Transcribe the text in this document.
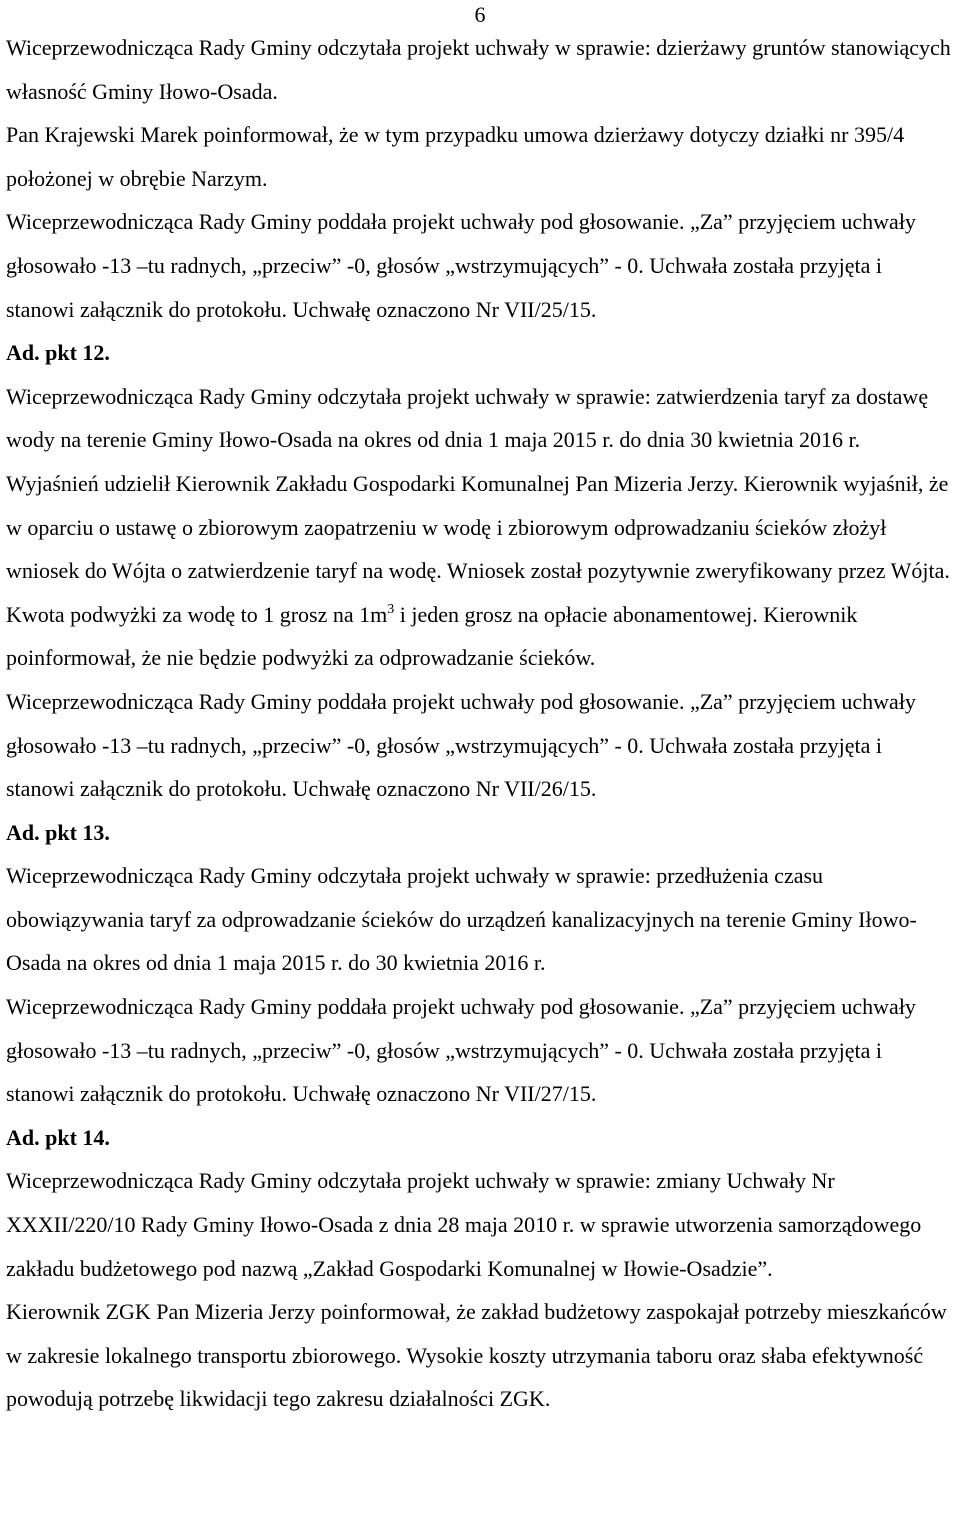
6

Wiceprzewodnicząca Rady Gminy odczytała projekt uchwały w sprawie: dzierżawy gruntów stanowiących własność Gminy Iłowo-Osada.

Pan Krajewski Marek poinformował, że w tym przypadku umowa dzierżawy dotyczy działki nr 395/4 położonej w obrębie Narzym.

Wiceprzewodnicząca Rady Gminy poddała projekt uchwały pod głosowanie. „Za” przyjęciem uchwały głosowało -13 –tu radnych, „przeciw” -0, głosów „wstrzymujących” - 0. Uchwała została przyjęta i stanowi załącznik do protokołu. Uchwałę oznaczono Nr VII/25/15.

Ad. pkt 12.

Wiceprzewodnicząca Rady Gminy odczytała projekt uchwały w sprawie: zatwierdzenia taryf za dostawę wody na terenie Gminy Iłowo-Osada na okres od dnia 1 maja 2015 r. do dnia 30 kwietnia 2016 r.

Wyjaśnień udzielił Kierownik Zakładu Gospodarki Komunalnej Pan Mizeria Jerzy. Kierownik wyjaśnił, że w oparciu o ustawę o zbiorowym zaopatrzeniu w wodę i zbiorowym odprowadzaniu ścieków złożył wniosek do Wójta o zatwierdzenie taryf na wodę. Wniosek został pozytywnie zweryfikowany przez Wójta. Kwota podwyżki za wodę to 1 grosz na $1m^3$ i jeden grosz na opłacie abonamentowej. Kierownik poinformował, że nie będzie podwyżki za odprowadzanie ścieków.

Wiceprzewodnicząca Rady Gminy poddała projekt uchwały pod głosowanie. „Za” przyjęciem uchwały głosowało -13 –tu radnych, „przeciw” -0, głosów „wstrzymujących” - 0. Uchwała została przyjęta i stanowi załącznik do protokołu. Uchwałę oznaczono Nr VII/26/15.

Ad. pkt 13.

Wiceprzewodnicząca Rady Gminy odczytała projekt uchwały w sprawie: przedłużenia czasu obowiązywania taryf za odprowadzanie ścieków do urządzeń kanalizacyjnych na terenie Gminy Iłowo-Osada na okres od dnia 1 maja 2015 r. do 30 kwietnia 2016 r.

Wiceprzewodnicząca Rady Gminy poddała projekt uchwały pod głosowanie. „Za” przyjęciem uchwały głosowało -13 –tu radnych, „przeciw” -0, głosów „wstrzymujących” - 0. Uchwała została przyjęta i stanowi załącznik do protokołu. Uchwałę oznaczono Nr VII/27/15.

Ad. pkt 14.

Wiceprzewodnicząca Rady Gminy odczytała projekt uchwały w sprawie: zmiany Uchwały Nr XXXII/220/10 Rady Gminy Iłowo-Osada z dnia 28 maja 2010 r. w sprawie utworzenia samorządowego zakładu budżetowego pod nazwą „Zakład Gospodarki Komunalnej w Iłowie-Osadzie”.

Kierownik ZGK Pan Mizeria Jerzy poinformował, że zakład budżetowy zaspokajał potrzeby mieszkańców w zakresie lokalnego transportu zbiorowego. Wysokie koszty utrzymania taboru oraz słaba efektywność powodują potrzebę likwidacji tego zakresu działalności ZGK.
